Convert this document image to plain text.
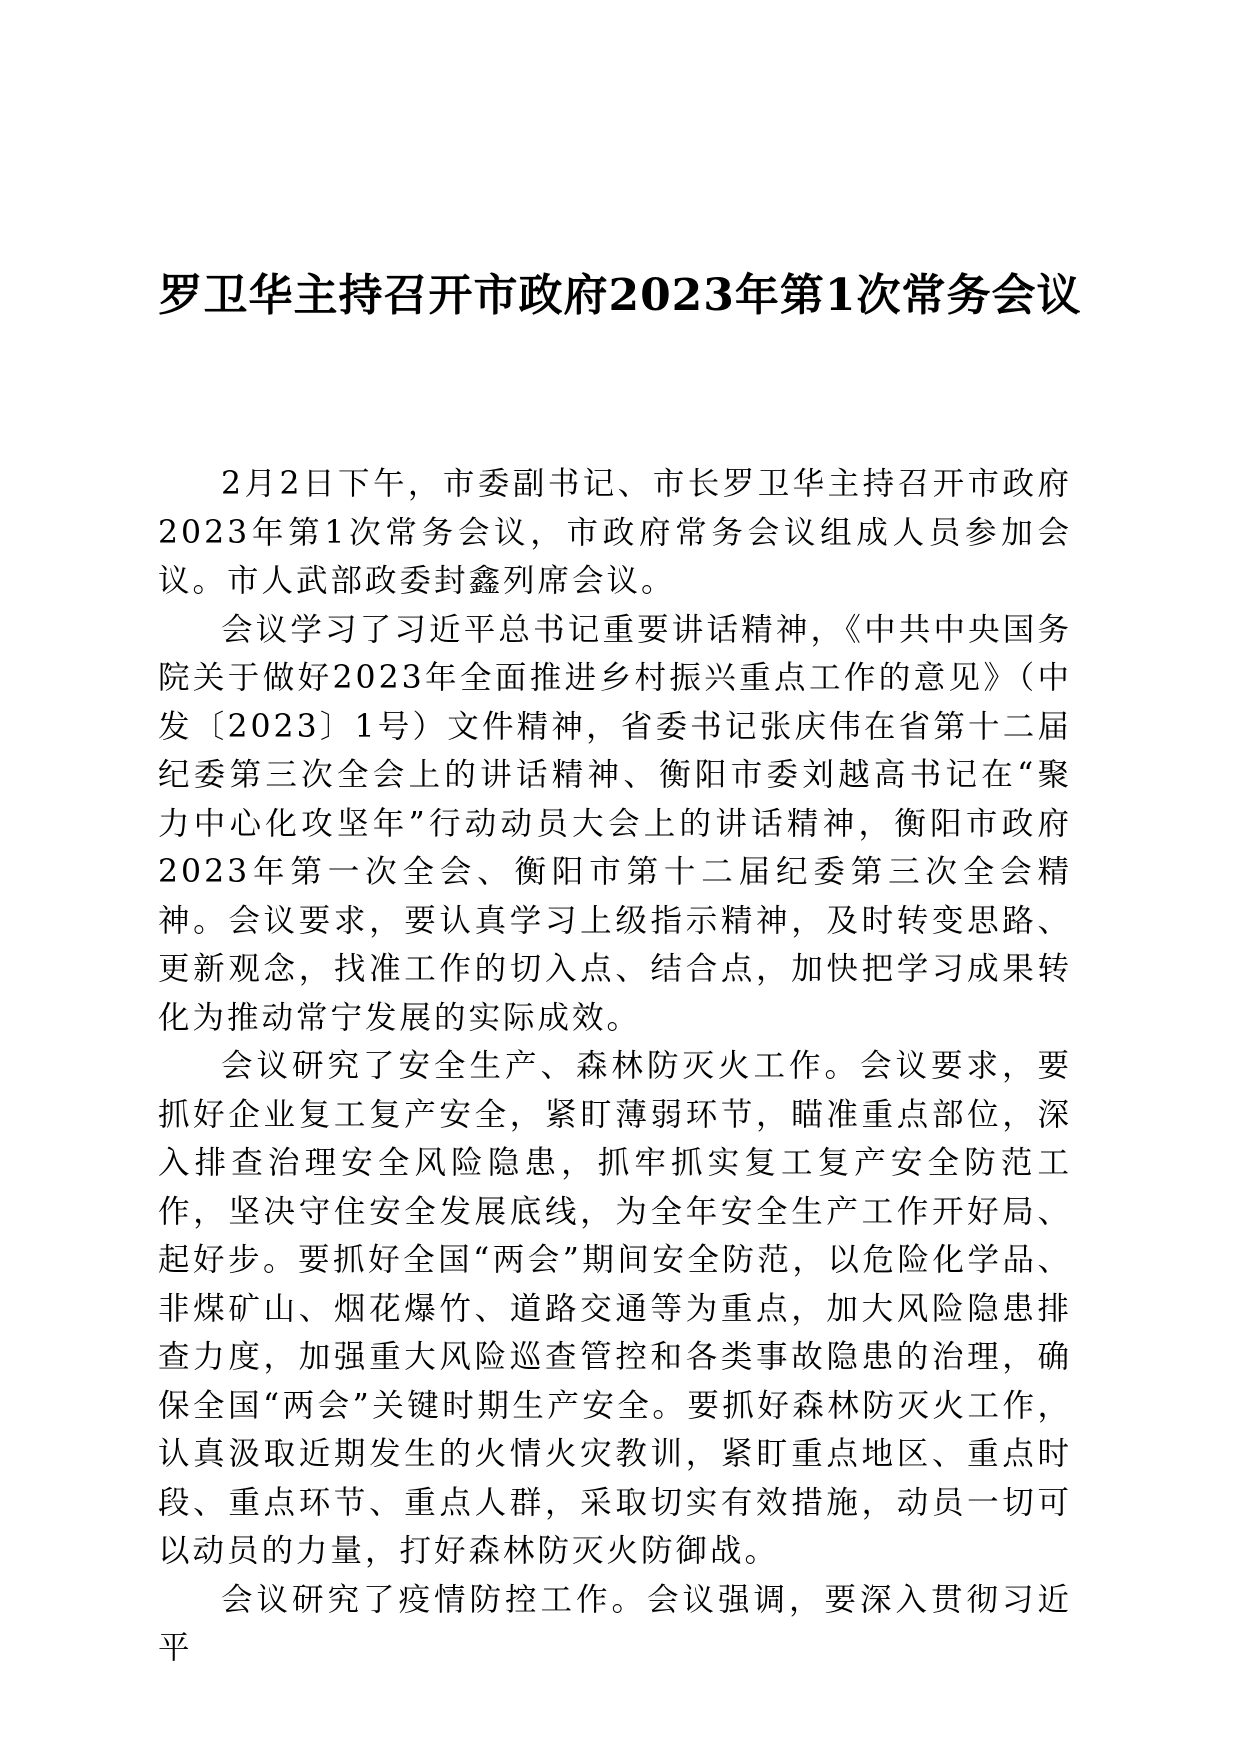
罗卫华主持召开市政府2023年第1次常务会议

2月2日下午，市委副书记、市长罗卫华主持召开市政府2023年第1次常务会议，市政府常务会议组成人员参加会议。市人武部政委封鑫列席会议。

会议学习了习近平总书记重要讲话精神，《中共中央国务院关于做好2023年全面推进乡村振兴重点工作的意见》（中发〔2023〕1号）文件精神，省委书记张庆伟在省第十二届纪委第三次全会上的讲话精神、衡阳市委刘越高书记在“聚力中心化攻坚年”行动动员大会上的讲话精神，衡阳市政府2023年第一次全会、衡阳市第十二届纪委第三次全会精神。会议要求，要认真学习上级指示精神，及时转变思路、更新观念，找准工作的切入点、结合点，加快把学习成果转化为推动常宁发展的实际成效。

会议研究了安全生产、森林防灭火工作。会议要求，要抓好企业复工复产安全，紧盯薄弱环节，瞄准重点部位，深入排查治理安全风险隐患，抓牢抓实复工复产安全防范工作，坚决守住安全发展底线，为全年安全生产工作开好局、起好步。要抓好全国“两会”期间安全防范，以危险化学品、非煤矿山、烟花爆竹、道路交通等为重点，加大风险隐患排查力度，加强重大风险巡查管控和各类事故隐患的治理，确保全国“两会”关键时期生产安全。要抓好森林防灭火工作，认真汲取近期发生的火情火灾教训，紧盯重点地区、重点时段、重点环节、重点人群，采取切实有效措施，动员一切可以动员的力量，打好森林防灭火防御战。

会议研究了疫情防控工作。会议强调，要深入贯彻习近平
